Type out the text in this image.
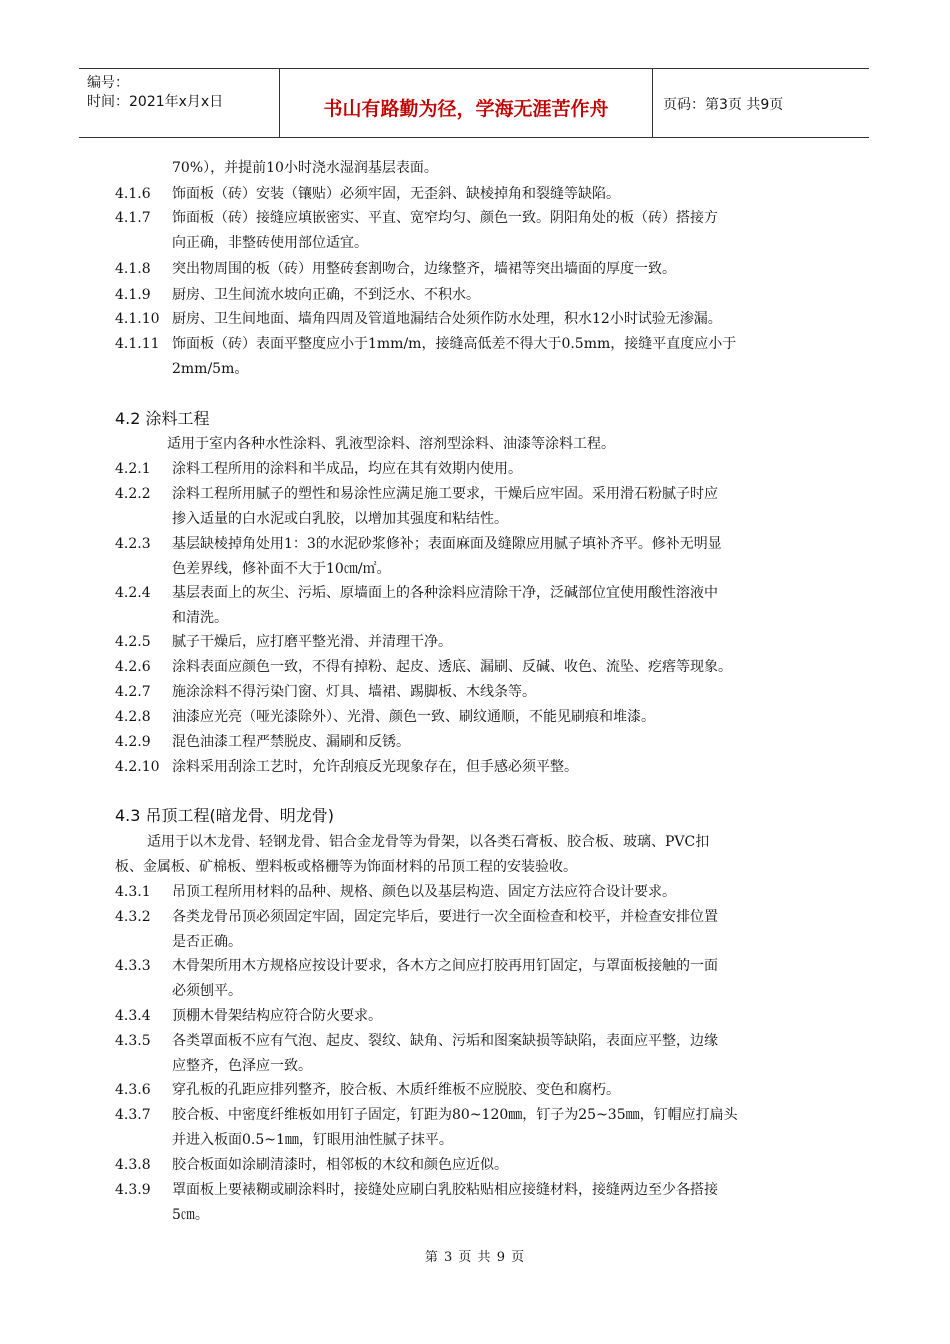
编号：
时间：2021年x月x日	书山有路勤为径，学海无涯苦作舟	页码：第3页 共9页
70%），并提前10小时浇水湿润基层表面。
4.1.6	饰面板（砖）安装（镶贴）必须牢固，无歪斜、缺棱掉角和裂缝等缺陷。
4.1.7	饰面板（砖）接缝应填嵌密实、平直、宽窄均匀、颜色一致。阴阳角处的板（砖）搭接方
向正确，非整砖使用部位适宜。
4.1.8	突出物周围的板（砖）用整砖套割吻合，边缘整齐，墙裙等突出墙面的厚度一致。
4.1.9	厨房、卫生间流水坡向正确，不到泛水、不积水。
4.1.10 厨房、卫生间地面、墙角四周及管道地漏结合处须作防水处理，积水12小时试验无渗漏。
4.1.11 饰面板（砖）表面平整度应小于1mm/m，接缝高低差不得大于0.5mm，接缝平直度应小于
2mm/5m。
4.2 涂料工程
适用于室内各种水性涂料、乳液型涂料、溶剂型涂料、油漆等涂料工程。
4.2.1	涂料工程所用的涂料和半成品，均应在其有效期内使用。
4.2.2	涂料工程所用腻子的塑性和易涂性应满足施工要求，干燥后应牢固。采用滑石粉腻子时应
掺入适量的白水泥或白乳胶，以增加其强度和粘结性。
4.2.3	基层缺棱掉角处用1：3的水泥砂浆修补；表面麻面及缝隙应用腻子填补齐平。修补无明显
色差界线，修补面不大于10㎝/㎡。
4.2.4	基层表面上的灰尘、污垢、原墙面上的各种涂料应清除干净，泛碱部位宜使用酸性溶液中
和清洗。
4.2.5	腻子干燥后，应打磨平整光滑、并清理干净。
4.2.6	涂料表面应颜色一致，不得有掉粉、起皮、透底、漏刷、反碱、收色、流坠、疙瘩等现象。
4.2.7	施涂涂料不得污染门窗、灯具、墙裙、踢脚板、木线条等。
4.2.8	油漆应光亮（哑光漆除外）、光滑、颜色一致、刷纹通顺，不能见刷痕和堆漆。
4.2.9	混色油漆工程严禁脱皮、漏刷和反锈。
4.2.10 涂料采用刮涂工艺时，允许刮痕反光现象存在，但手感必须平整。
4.3 吊顶工程(暗龙骨、明龙骨)
适用于以木龙骨、轻钢龙骨、铝合金龙骨等为骨架，以各类石膏板、胶合板、玻璃、PVC扣
板、金属板、矿棉板、塑料板或格栅等为饰面材料的吊顶工程的安装验收。
4.3.1	吊顶工程所用材料的品种、规格、颜色以及基层构造、固定方法应符合设计要求。
4.3.2	各类龙骨吊顶必须固定牢固，固定完毕后，要进行一次全面检查和校平，并检查安排位置
是否正确。
4.3.3	木骨架所用木方规格应按设计要求，各木方之间应打胶再用钉固定，与罩面板接触的一面
必须刨平。
4.3.4	顶棚木骨架结构应符合防火要求。
4.3.5	各类罩面板不应有气泡、起皮、裂纹、缺角、污垢和图案缺损等缺陷，表面应平整，边缘
应整齐，色泽应一致。
4.3.6	穿孔板的孔距应排列整齐，胶合板、木质纤维板不应脱胶、变色和腐朽。
4.3.7	胶合板、中密度纤维板如用钉子固定，钉距为80~120㎜，钉子为25~35㎜，钉帽应打扁头
并进入板面0.5~1㎜，钉眼用油性腻子抹平。
4.3.8	胶合板面如涂刷清漆时，相邻板的木纹和颜色应近似。
4.3.9	罩面板上要裱糊或刷涂料时，接缝处应刷白乳胶粘贴相应接缝材料，接缝两边至少各搭接
5㎝。
第 3 页 共 9 页
